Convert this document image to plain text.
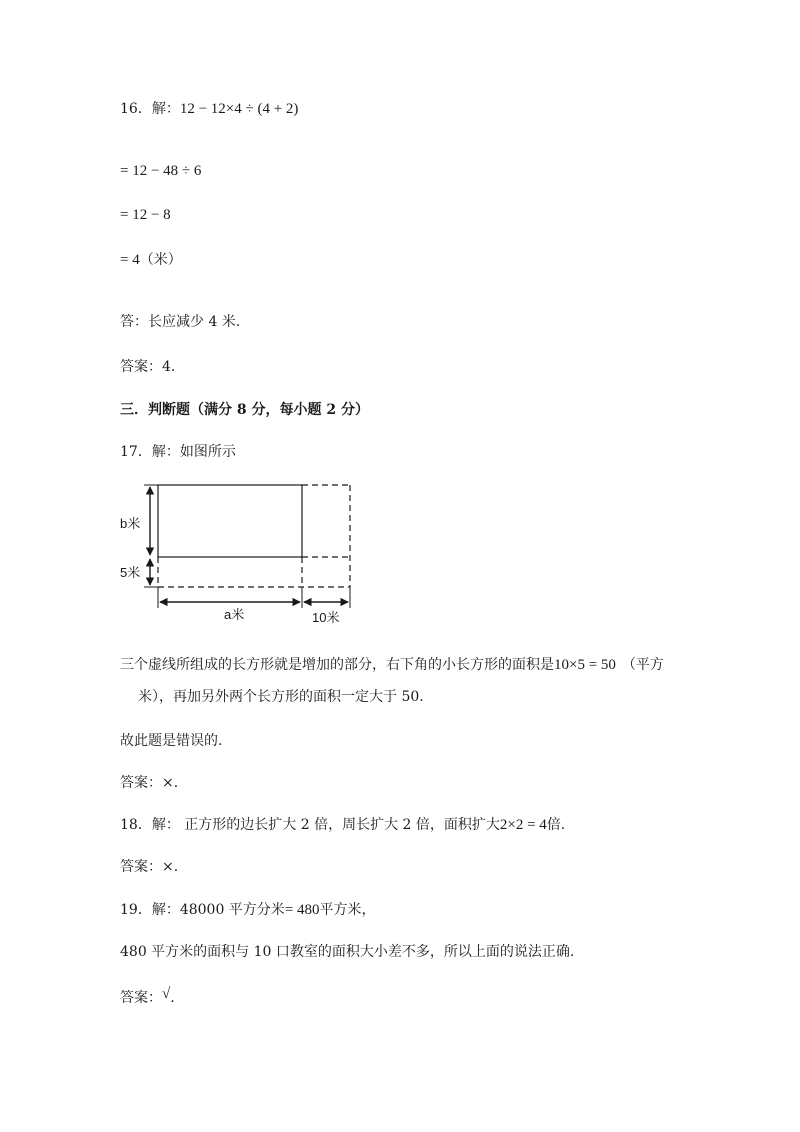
16．解：12 − 12×4 ÷ (4 + 2)
= 12 − 48 ÷ 6
= 12 − 8
= 4（米）
答：长应减少 4 米.
答案：4.
三．判断题（满分 8 分，每小题 2 分）
17．解：如图所示
b米
5米
a米	10米
三个虚线所组成的长方形就是增加的部分，右下角的小长方形的面积是10×5 = 50 （平方
米），再加另外两个长方形的面积一定大于 50.
故此题是错误的.
答案：×.
18．解： 正方形的边长扩大 2 倍，周长扩大 2 倍，面积扩大2×2 = 4倍.
答案：×.
19．解：48000 平方分米= 480平方米，
480 平方米的面积与 10 口教室的面积大小差不多，所以上面的说法正确.
答案：√.
